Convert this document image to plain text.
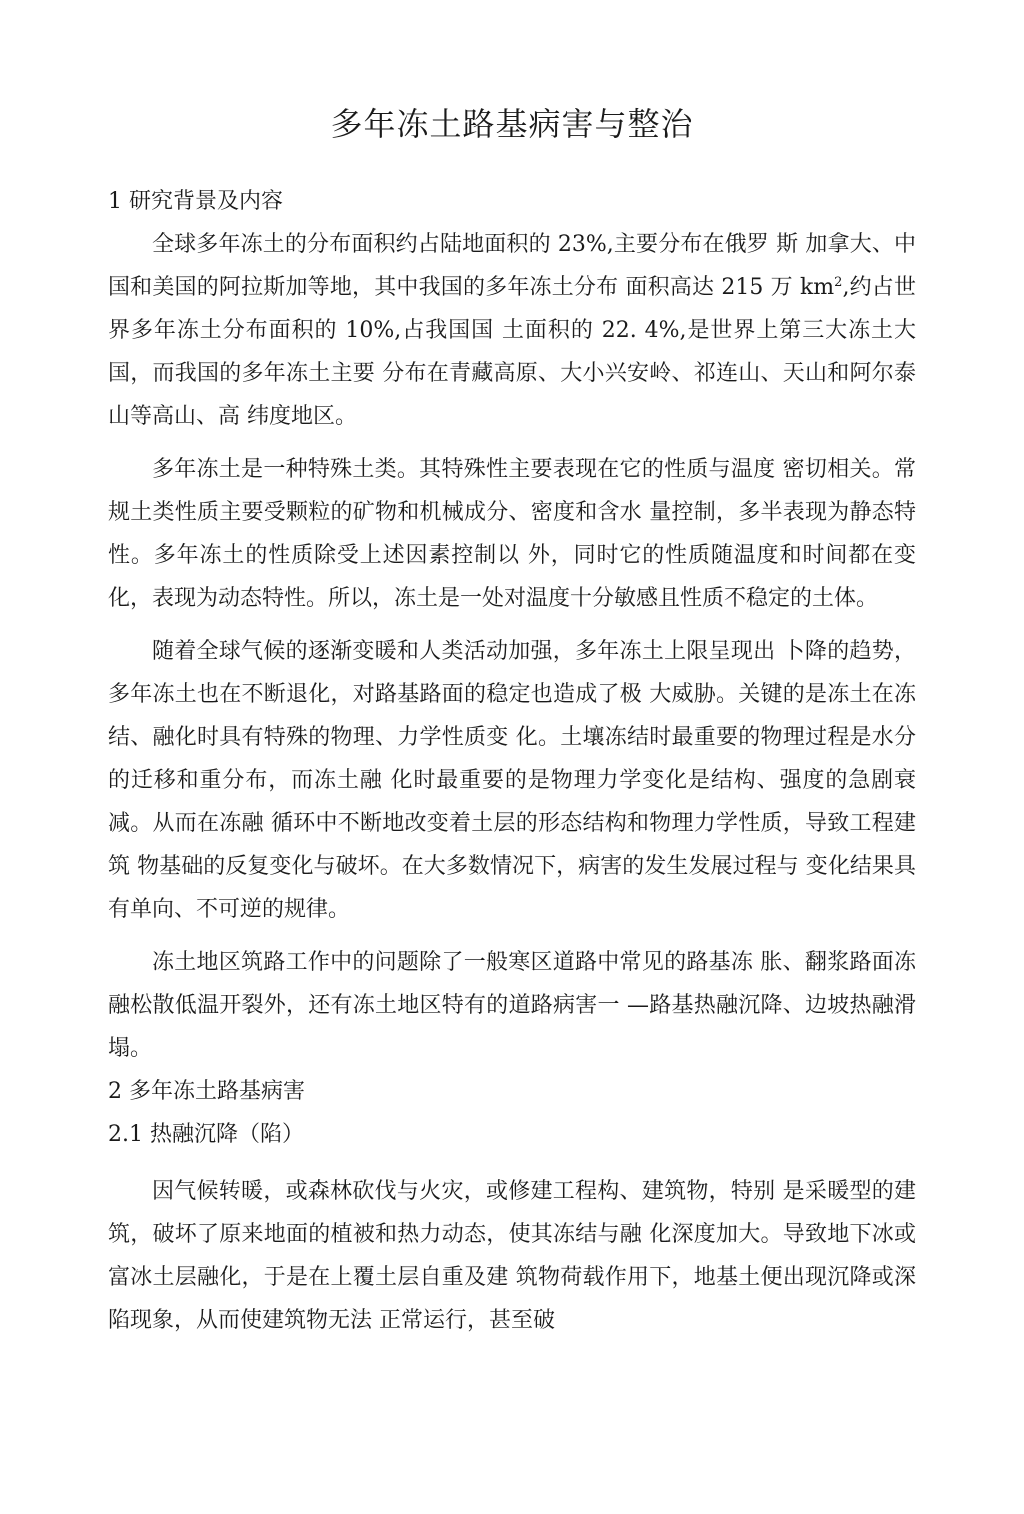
多年冻土路基病害与整治

1 研究背景及内容

全球多年冻土的分布面积约占陆地面积的 23%,主要分布在俄罗 斯 加拿大、中国和美国的阿拉斯加等地，其中我国的多年冻土分布 面积高达 215 万 $km^2$,约占世界多年冻土分布面积的 10%,占我国国 土面积的 22. 4%,是世界上第三大冻土大国，而我国的多年冻土主要 分布在青藏高原、大小兴安岭、祁连山、天山和阿尔泰山等高山、高 纬度地区。

多年冻土是一种特殊土类。其特殊性主要表现在它的性质与温度 密切相关。常规土类性质主要受颗粒的矿物和机械成分、密度和含水 量控制，多半表现为静态特性。多年冻土的性质除受上述因素控制以 外，同时它的性质随温度和时间都在变化，表现为动态特性。所以，冻土是一处对温度十分敏感且性质不稳定的土体。

随着全球气候的逐渐变暖和人类活动加强，多年冻土上限呈现出 卜降的趋势，多年冻土也在不断退化，对路基路面的稳定也造成了极 大威胁。关键的是冻土在冻结、融化时具有特殊的物理、力学性质变 化。土壤冻结时最重要的物理过程是水分的迁移和重分布，而冻土融 化时最重要的是物理力学变化是结构、强度的急剧衰减。从而在冻融 循环中不断地改变着土层的形态结构和物理力学性质，导致工程建筑 物基础的反复变化与破坏。在大多数情况下，病害的发生发展过程与 变化结果具有单向、不可逆的规律。

冻土地区筑路工作中的问题除了一般寒区道路中常见的路基冻 胀、翻浆路面冻融松散低温开裂外，还有冻土地区特有的道路病害一 —路基热融沉降、边坡热融滑塌。

2 多年冻土路基病害

2.1 热融沉降（陷）

因气候转暖，或森林砍伐与火灾，或修建工程构、建筑物，特别 是采暖型的建筑，破坏了原来地面的植被和热力动态，使其冻结与融 化深度加大。导致地下冰或富冰土层融化，于是在上覆土层自重及建 筑物荷载作用下，地基土便出现沉降或深陷现象，从而使建筑物无法 正常运行，甚至破
